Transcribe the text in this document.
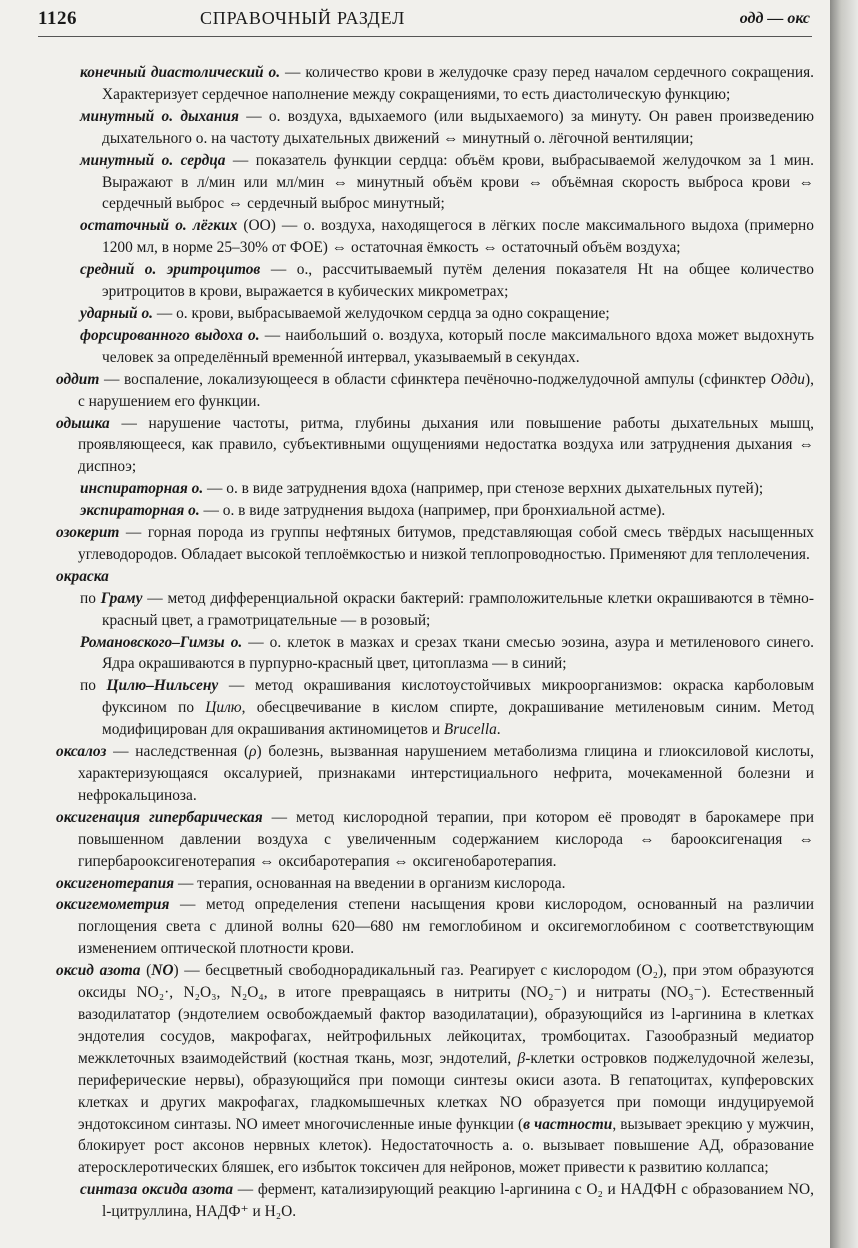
1126	СПРАВОЧНЫЙ РАЗДЕЛ	одд — окс

конечный диастолический о. — количество крови в желудочке сразу перед началом сердечного сокращения. Характеризует сердечное наполнение между сокращениями, то есть диастолическую функцию;

минутный о. дыхания — о. воздуха, вдыхаемого (или выдыхаемого) за минуту. Он равен произведению дыхательного о. на частоту дыхательных движений ⇔ минутный о. лёгочной вентиляции;

минутный о. сердца — показатель функции сердца: объём крови, выбрасываемой желудочком за 1 мин. Выражают в л/мин или мл/мин ⇔ минутный объём крови ⇔ объёмная скорость выброса крови ⇔ сердечный выброс ⇔ сердечный выброс минутный;

остаточный о. лёгких (ОО) — о. воздуха, находящегося в лёгких после максимального выдоха (примерно 1200 мл, в норме 25–30% от ФОЕ) ⇔ остаточная ёмкость ⇔ остаточный объём воздуха;

средний о. эритроцитов — о., рассчитываемый путём деления показателя Ht на общее количество эритроцитов в крови, выражается в кубических микрометрах;

ударный о. — о. крови, выбрасываемой желудочком сердца за одно сокращение;

форсированного выдоха о. — наибольший о. воздуха, который после максимального вдоха может выдохнуть человек за определённый временно́й интервал, указываемый в секундах.

оддит — воспаление, локализующееся в области сфинктера печёночно-поджелудочной ампулы (сфинктер Одди), с нарушением его функции.

одышка — нарушение частоты, ритма, глубины дыхания или повышение работы дыхательных мышц, проявляющееся, как правило, субъективными ощущениями недостатка воздуха или затруднения дыхания ⇔ диспноэ;

инспираторная о. — о. в виде затруднения вдоха (например, при стенозе верхних дыхательных путей);

экспираторная о. — о. в виде затруднения выдоха (например, при бронхиальной астме).

озокерит — горная порода из группы нефтяных битумов, представляющая собой смесь твёрдых насыщенных углеводородов. Обладает высокой теплоёмкостью и низкой теплопроводностью. Применяют для теплолечения.

окраска

по Граму — метод дифференциальной окраски бактерий: грамположительные клетки окрашиваются в тёмно-красный цвет, а грамотрицательные — в розовый;

Романовского–Гимзы о. — о. клеток в мазках и срезах ткани смесью эозина, азура и метиленового синего. Ядра окрашиваются в пурпурно-красный цвет, цитоплазма — в синий;

по Цилю–Нильсену — метод окрашивания кислотоустойчивых микроорганизмов: окраска карболовым фуксином по Цилю, обесцвечивание в кислом спирте, докрашивание метиленовым синим. Метод модифицирован для окрашивания актиномицетов и Brucella.

оксалоз — наследственная (ρ) болезнь, вызванная нарушением метаболизма глицина и глиоксиловой кислоты, характеризующаяся оксалурией, признаками интерстициального нефрита, мочекаменной болезни и нефрокальциноза.

оксигенация гипербарическая — метод кислородной терапии, при котором её проводят в барокамере при повышенном давлении воздуха с увеличенным содержанием кислорода ⇔ бароoксигенация ⇔ гипербарооксигенотерапия ⇔ оксибаротерапия ⇔ оксигенобаротерапия.

оксигенотерапия — терапия, основанная на введении в организм кислорода.

оксигемометрия — метод определения степени насыщения крови кислородом, основанный на различии поглощения света с длиной волны 620—680 нм гемоглобином и оксигемоглобином с соответствующим изменением оптической плотности крови.

оксид азота (NO) — бесцветный свободнорадикальный газ. Реагирует с кислородом (O₂), при этом образуются оксиды NO₂·, N₂O₃, N₂O₄, в итоге превращаясь в нитриты (NO₂⁻) и нитраты (NO₃⁻). Естественный вазодилататор (эндотелием освобождаемый фактор вазодилатации), образующийся из l-аргинина в клетках эндотелия сосудов, макрофагах, нейтрофильных лейкоцитах, тромбоцитах. Газообразный медиатор межклеточных взаимодействий (костная ткань, мозг, эндотелий, β-клетки островков поджелудочной железы, периферические нервы), образующийся при помощи синтезы окиси азота. В гепатоцитах, купферовских клетках и других макрофагах, гладкомышечных клетках NO образуется при помощи индуцируемой эндотоксином синтазы. NO имеет многочисленные иные функции (в частности, вызывает эрекцию у мужчин, блокирует рост аксонов нервных клеток). Недостаточность а. о. вызывает повышение АД, образование атеросклеротических бляшек, его избыток токсичен для нейронов, может привести к развитию коллапса;

синтаза оксида азота — фермент, катализирующий реакцию l-аргинина с O₂ и НАДФН с образованием NO, l-цитруллина, НАДФ⁺ и H₂O.
